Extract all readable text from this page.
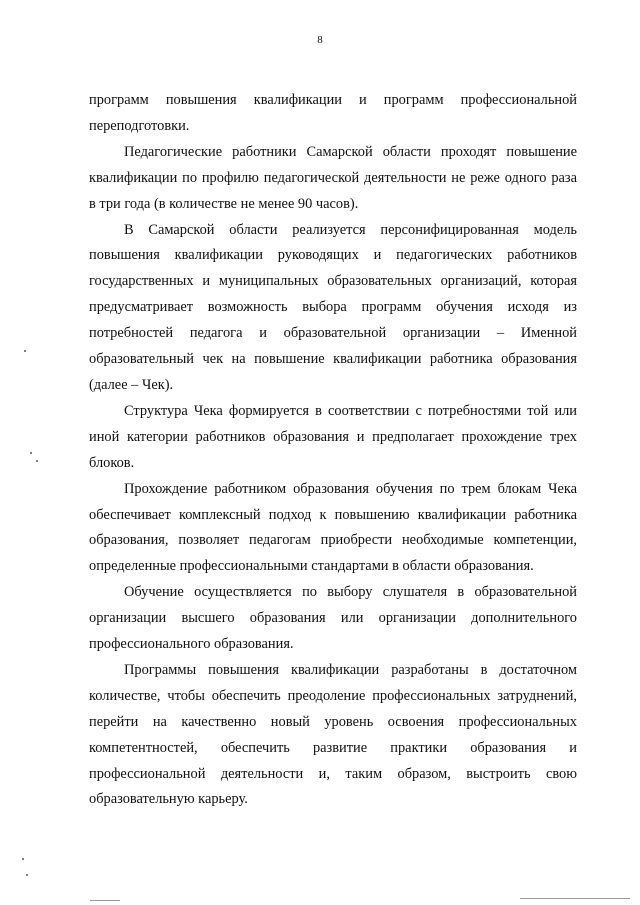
8

программ повышения квалификации и программ профессиональной переподготовки.

Педагогические работники Самарской области проходят повышение квалификации по профилю педагогической деятельности не реже одного раза в три года (в количестве не менее 90 часов).

В Самарской области реализуется персонифицированная модель повышения квалификации руководящих и педагогических работников государственных и муниципальных образовательных организаций, которая предусматривает возможность выбора программ обучения исходя из потребностей педагога и образовательной организации – Именной образовательный чек на повышение квалификации работника образования (далее – Чек).

Структура Чека формируется в соответствии с потребностями той или иной категории работников образования и предполагает прохождение трех блоков.

Прохождение работником образования обучения по трем блокам Чека обеспечивает комплексный подход к повышению квалификации работника образования, позволяет педагогам приобрести необходимые компетенции, определенные профессиональными стандартами в области образования.

Обучение осуществляется по выбору слушателя в образовательной организации высшего образования или организации дополнительного профессионального образования.

Программы повышения квалификации разработаны в достаточном количестве, чтобы обеспечить преодоление профессиональных затруднений, перейти на качественно новый уровень освоения профессиональных компетентностей, обеспечить развитие практики образования и профессиональной деятельности и, таким образом, выстроить свою образовательную карьеру.
